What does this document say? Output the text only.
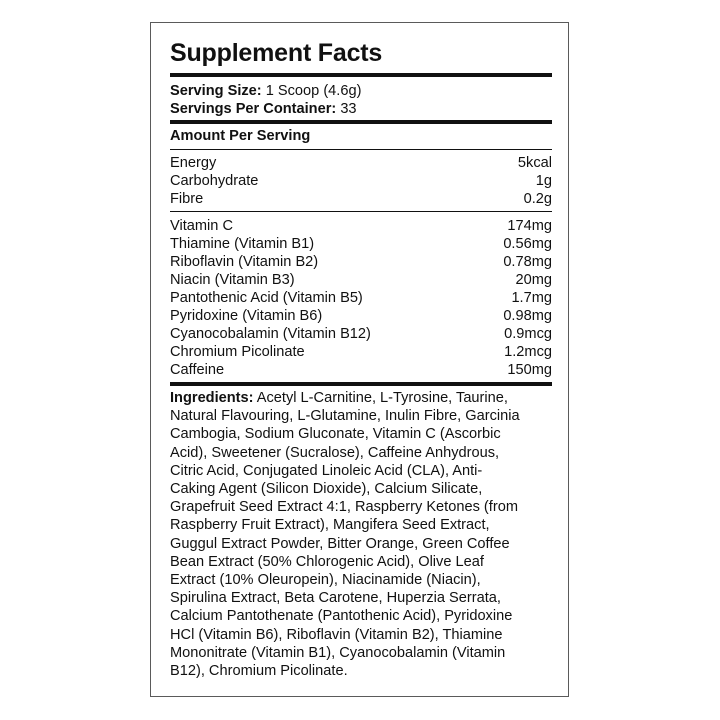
Supplement Facts
Serving Size: 1 Scoop (4.6g)
Servings Per Container: 33
Amount Per Serving
Energy	5kcal
Carbohydrate	1g
Fibre	0.2g
Vitamin C	174mg
Thiamine (Vitamin B1)	0.56mg
Riboflavin (Vitamin B2)	0.78mg
Niacin (Vitamin B3)	20mg
Pantothenic Acid (Vitamin B5)	1.7mg
Pyridoxine (Vitamin B6)	0.98mg
Cyanocobalamin (Vitamin B12)	0.9mcg
Chromium Picolinate	1.2mcg
Caffeine	150mg
Ingredients: Acetyl L-Carnitine, L-Tyrosine, Taurine,
Natural Flavouring, L-Glutamine, Inulin Fibre, Garcinia
Cambogia, Sodium Gluconate, Vitamin C (Ascorbic
Acid), Sweetener (Sucralose), Caffeine Anhydrous,
Citric Acid, Conjugated Linoleic Acid (CLA), Anti-
Caking Agent (Silicon Dioxide), Calcium Silicate,
Grapefruit Seed Extract 4:1, Raspberry Ketones (from
Raspberry Fruit Extract), Mangifera Seed Extract,
Guggul Extract Powder, Bitter Orange, Green Coffee
Bean Extract (50% Chlorogenic Acid), Olive Leaf
Extract (10% Oleuropein), Niacinamide (Niacin),
Spirulina Extract, Beta Carotene, Huperzia Serrata,
Calcium Pantothenate (Pantothenic Acid), Pyridoxine
HCl (Vitamin B6), Riboflavin (Vitamin B2), Thiamine
Mononitrate (Vitamin B1), Cyanocobalamin (Vitamin
B12), Chromium Picolinate.
